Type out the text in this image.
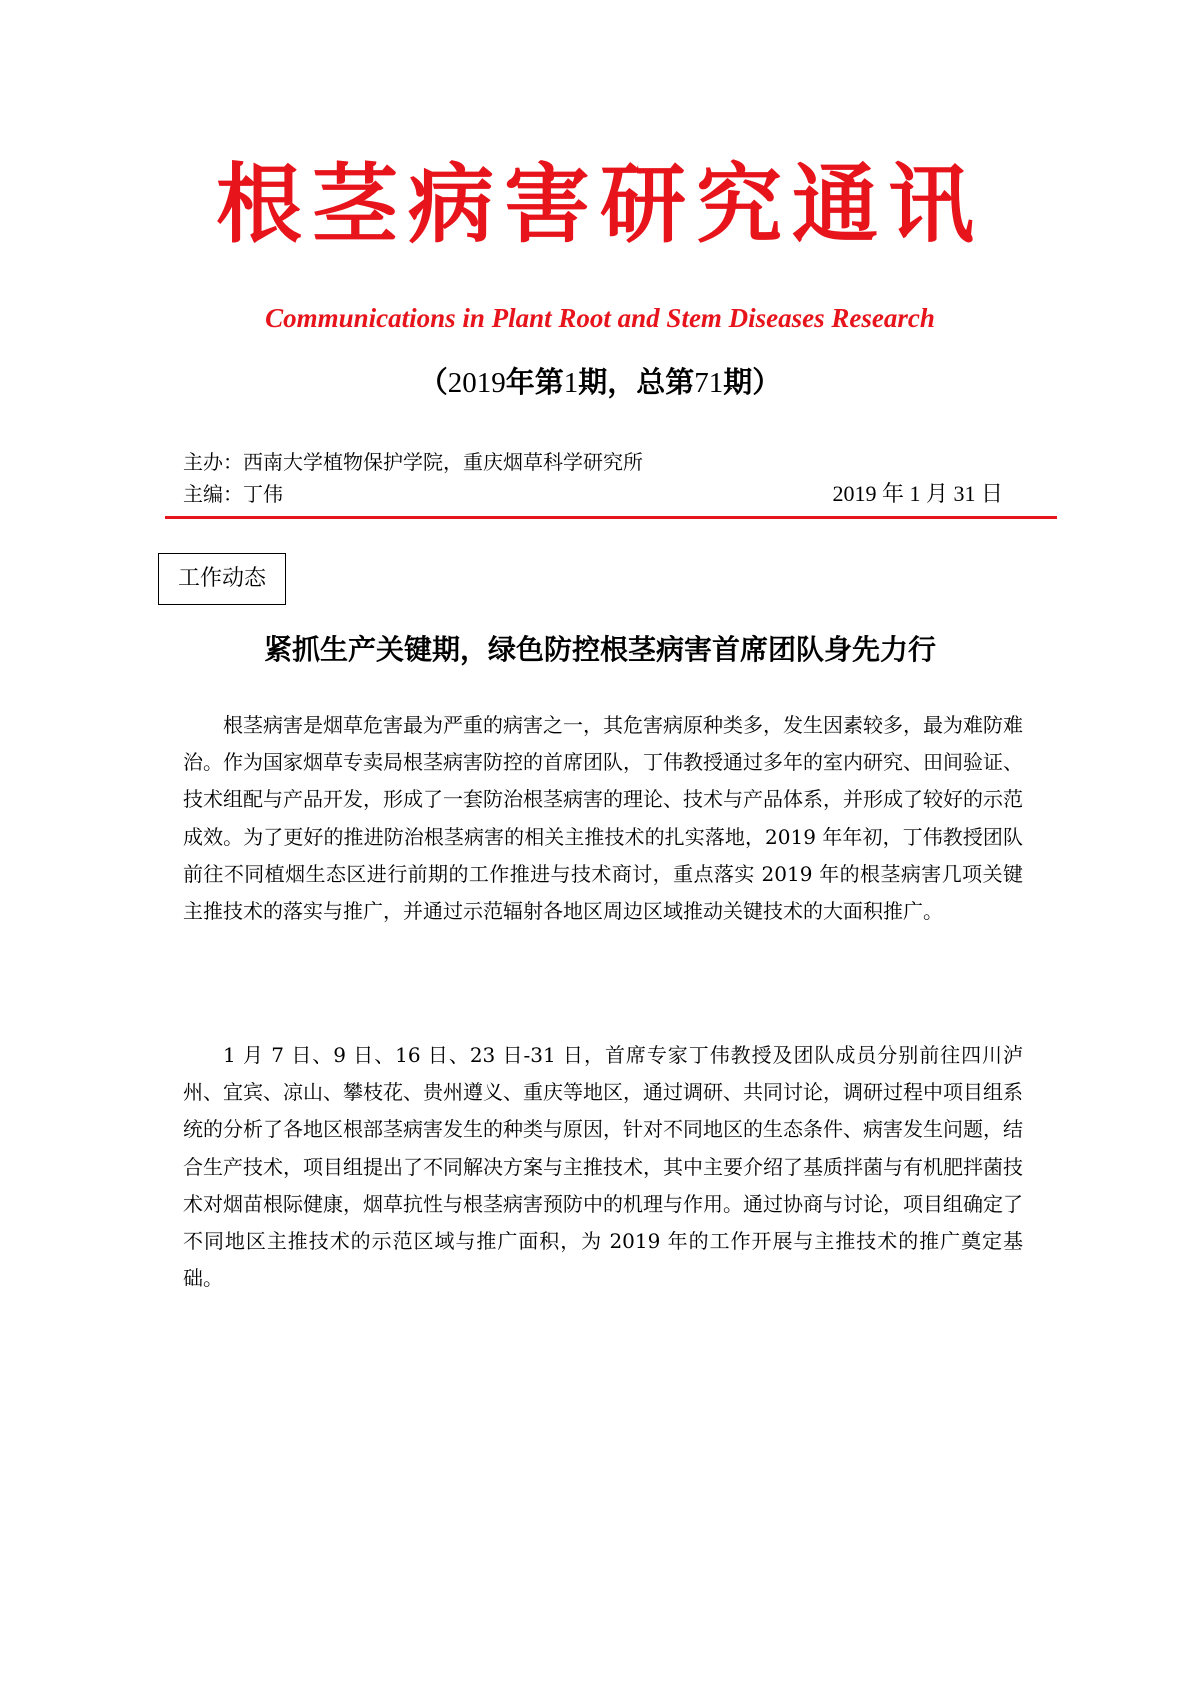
根茎病害研究通讯
Communications in Plant Root and Stem Diseases Research
（2019年第1期，总第71期）
主办：西南大学植物保护学院，重庆烟草科学研究所
主编：丁伟	2019 年 1 月 31 日
工作动态
紧抓生产关键期，绿色防控根茎病害首席团队身先力行

根茎病害是烟草危害最为严重的病害之一，其危害病原种类多，发生因素较多，最为难防难治。作为国家烟草专卖局根茎病害防控的首席团队，丁伟教授通过多年的室内研究、田间验证、技术组配与产品开发，形成了一套防治根茎病害的理论、技术与产品体系，并形成了较好的示范成效。为了更好的推进防治根茎病害的相关主推技术的扎实落地，2019 年年初，丁伟教授团队前往不同植烟生态区进行前期的工作推进与技术商讨，重点落实 2019 年的根茎病害几项关键主推技术的落实与推广，并通过示范辐射各地区周边区域推动关键技术的大面积推广。

1 月 7 日、9 日、16 日、23 日-31 日，首席专家丁伟教授及团队成员分别前往四川泸州、宜宾、凉山、攀枝花、贵州遵义、重庆等地区，通过调研、共同讨论，调研过程中项目组系统的分析了各地区根部茎病害发生的种类与原因，针对不同地区的生态条件、病害发生问题，结合生产技术，项目组提出了不同解决方案与主推技术，其中主要介绍了基质拌菌与有机肥拌菌技术对烟苗根际健康，烟草抗性与根茎病害预防中的机理与作用。通过协商与讨论，项目组确定了不同地区主推技术的示范区域与推广面积，为 2019 年的工作开展与主推技术的推广奠定基础。
